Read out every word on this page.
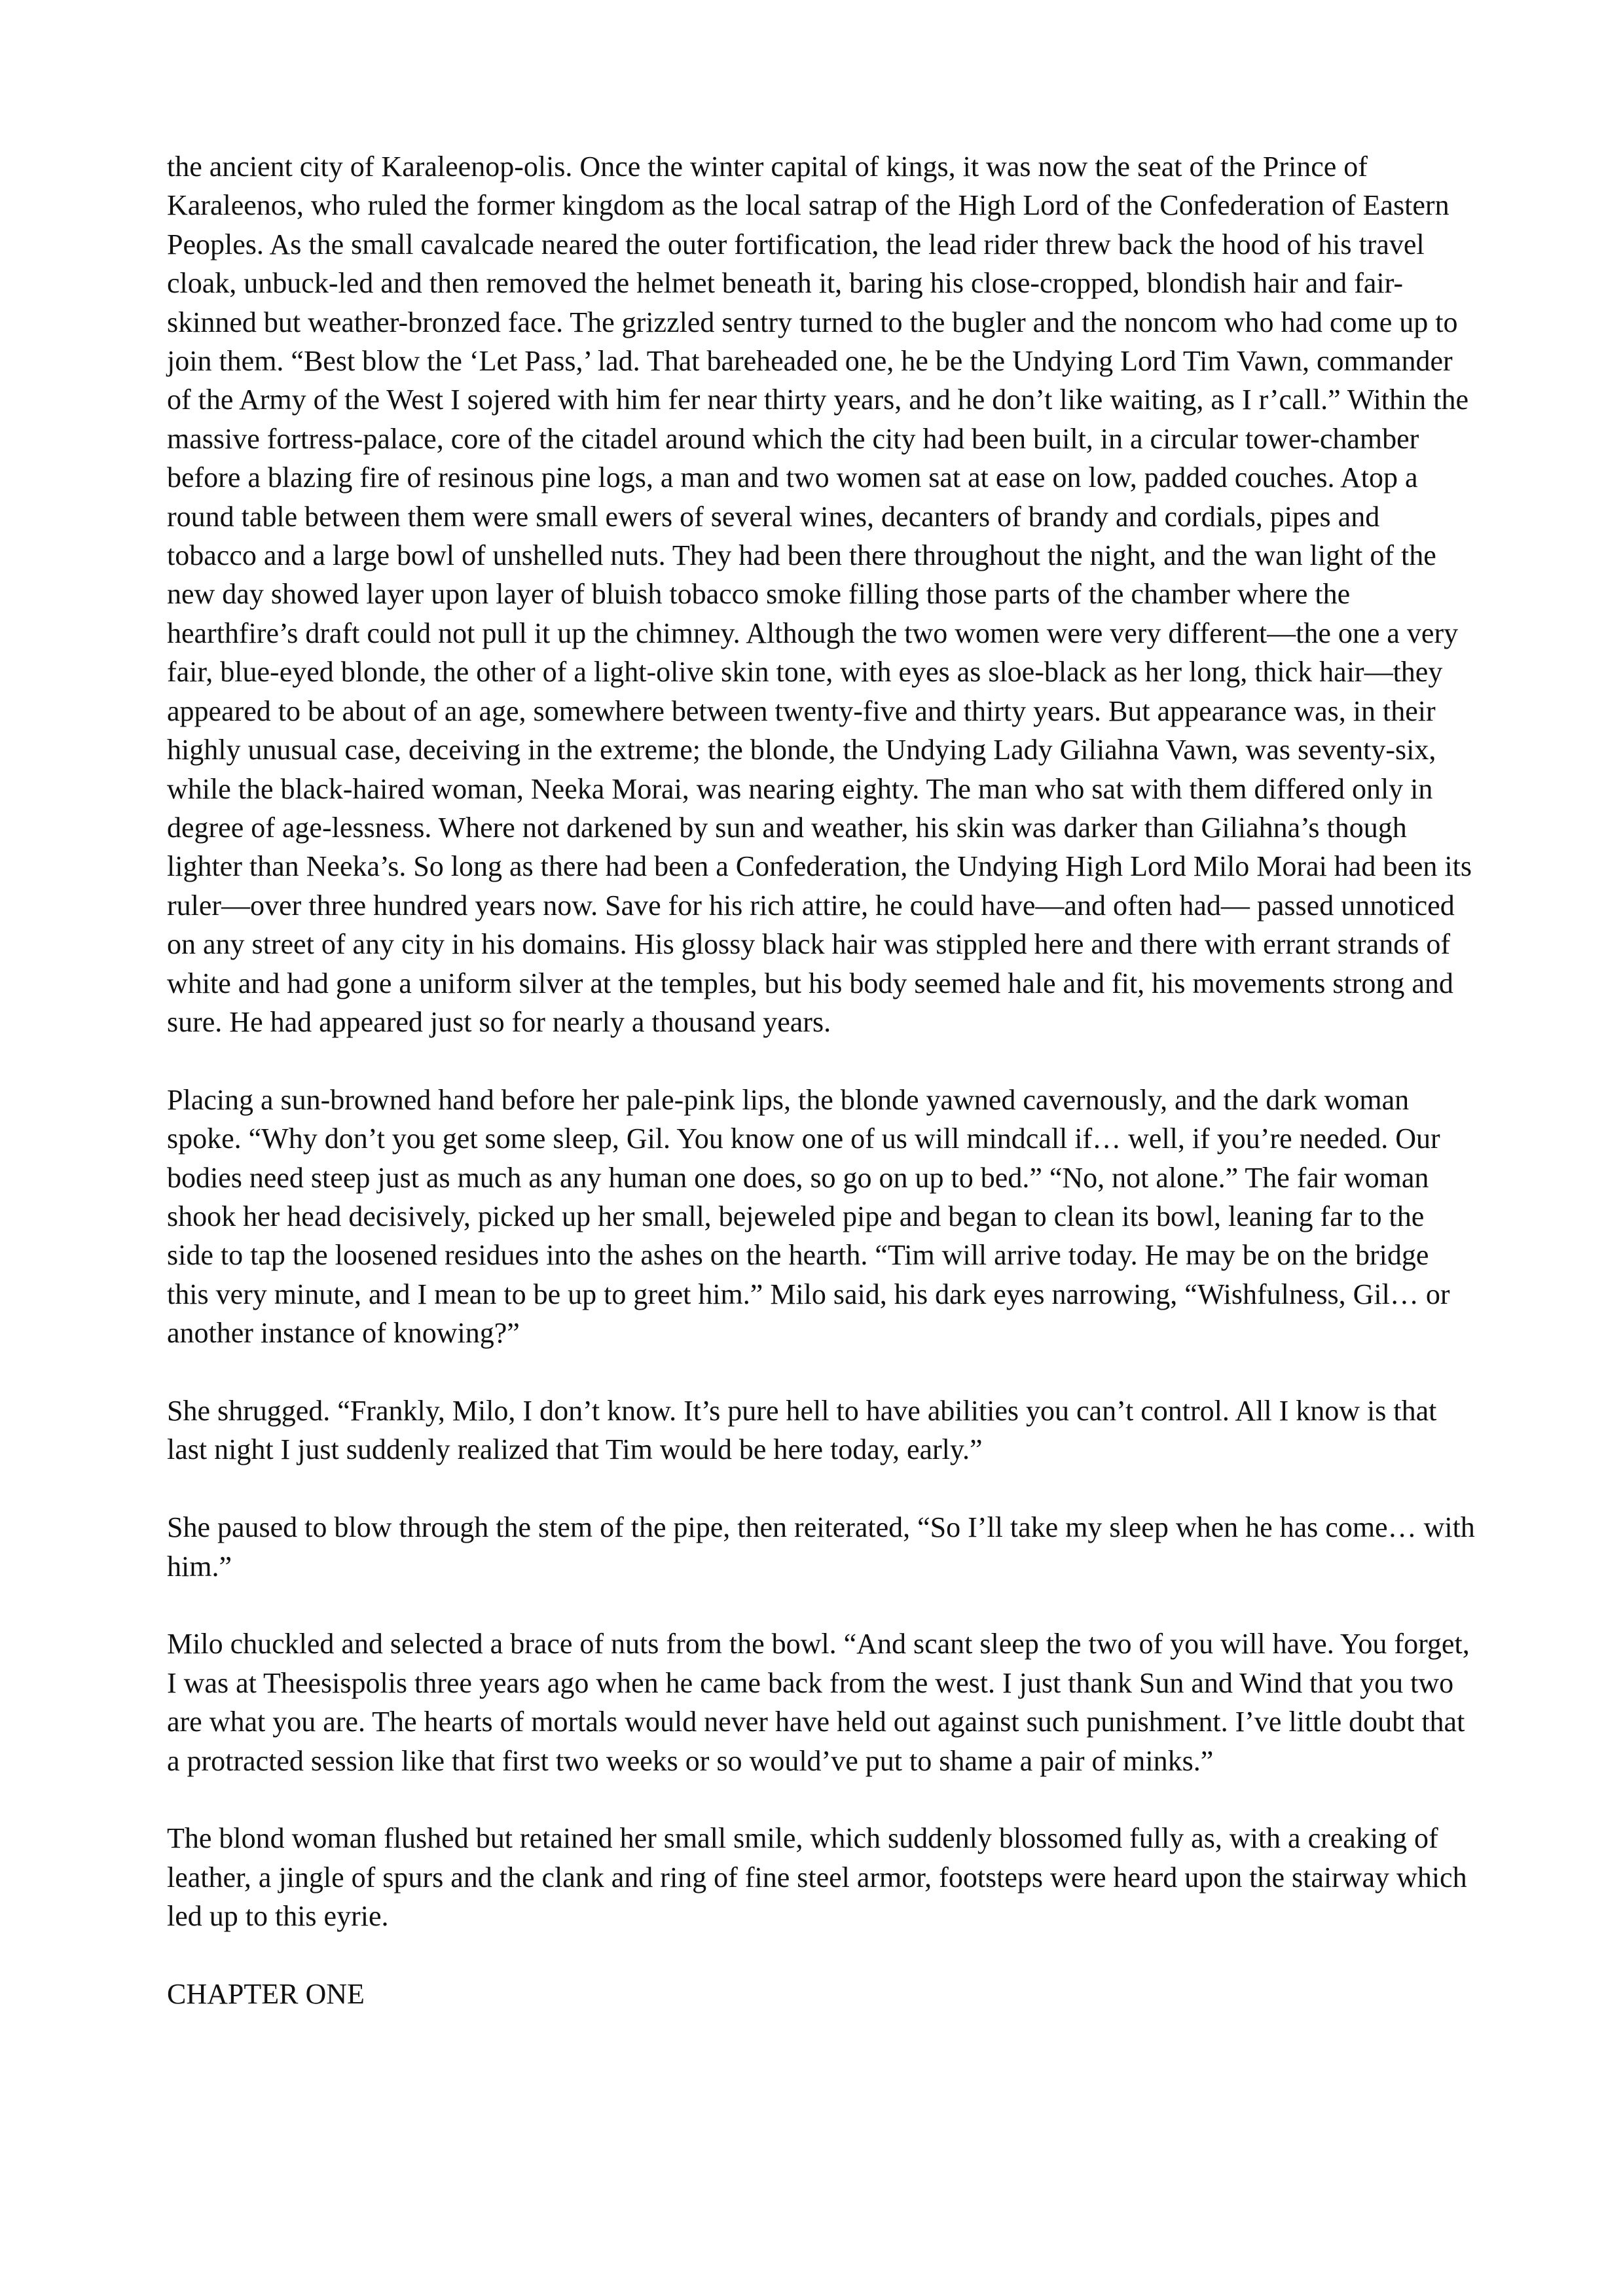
the ancient city of Karaleenop-olis. Once the winter capital of kings, it was now the seat of the Prince of Karaleenos, who ruled the former kingdom as the local satrap of the High Lord of the Confederation of Eastern Peoples. As the small cavalcade neared the outer fortification, the lead rider threw back the hood of his travel cloak, unbuck-led and then removed the helmet beneath it, baring his close-cropped, blondish hair and fair-skinned but weather-bronzed face. The grizzled sentry turned to the bugler and the noncom who had come up to join them. “Best blow the ‘Let Pass,’ lad. That bareheaded one, he be the Undying Lord Tim Vawn, commander of the Army of the West I sojered with him fer near thirty years, and he don’t like waiting, as I r’call.” Within the massive fortress-palace, core of the citadel around which the city had been built, in a circular tower-chamber before a blazing fire of resinous pine logs, a man and two women sat at ease on low, padded couches. Atop a round table between them were small ewers of several wines, decanters of brandy and cordials, pipes and tobacco and a large bowl of unshelled nuts. They had been there throughout the night, and the wan light of the new day showed layer upon layer of bluish tobacco smoke filling those parts of the chamber where the hearthfire’s draft could not pull it up the chimney. Although the two women were very different—the one a very fair, blue-eyed blonde, the other of a light-olive skin tone, with eyes as sloe-black as her long, thick hair—they appeared to be about of an age, somewhere between twenty-five and thirty years. But appearance was, in their highly unusual case, deceiving in the extreme; the blonde, the Undying Lady Giliahna Vawn, was seventy-six, while the black-haired woman, Neeka Morai, was nearing eighty. The man who sat with them differed only in degree of age-lessness. Where not darkened by sun and weather, his skin was darker than Giliahna’s though lighter than Neeka’s. So long as there had been a Confederation, the Undying High Lord Milo Morai had been its ruler—over three hundred years now. Save for his rich attire, he could have—and often had— passed unnoticed on any street of any city in his domains. His glossy black hair was stippled here and there with errant strands of white and had gone a uniform silver at the temples, but his body seemed hale and fit, his movements strong and sure. He had appeared just so for nearly a thousand years.

Placing a sun-browned hand before her pale-pink lips, the blonde yawned cavernously, and the dark woman spoke. “Why don’t you get some sleep, Gil. You know one of us will mindcall if… well, if you’re needed. Our bodies need steep just as much as any human one does, so go on up to bed.” “No, not alone.” The fair woman shook her head decisively, picked up her small, bejeweled pipe and began to clean its bowl, leaning far to the side to tap the loosened residues into the ashes on the hearth. “Tim will arrive today. He may be on the bridge this very minute, and I mean to be up to greet him.” Milo said, his dark eyes narrowing, “Wishfulness, Gil… or another instance of knowing?”

She shrugged. “Frankly, Milo, I don’t know. It’s pure hell to have abilities you can’t control. All I know is that last night I just suddenly realized that Tim would be here today, early.”

She paused to blow through the stem of the pipe, then reiterated, “So I’ll take my sleep when he has come… with him.”

Milo chuckled and selected a brace of nuts from the bowl. “And scant sleep the two of you will have. You forget, I was at Theesispolis three years ago when he came back from the west. I just thank Sun and Wind that you two are what you are. The hearts of mortals would never have held out against such punishment. I’ve little doubt that a protracted session like that first two weeks or so would’ve put to shame a pair of minks.”

The blond woman flushed but retained her small smile, which suddenly blossomed fully as, with a creaking of leather, a jingle of spurs and the clank and ring of fine steel armor, footsteps were heard upon the stairway which led up to this eyrie.

CHAPTER ONE
